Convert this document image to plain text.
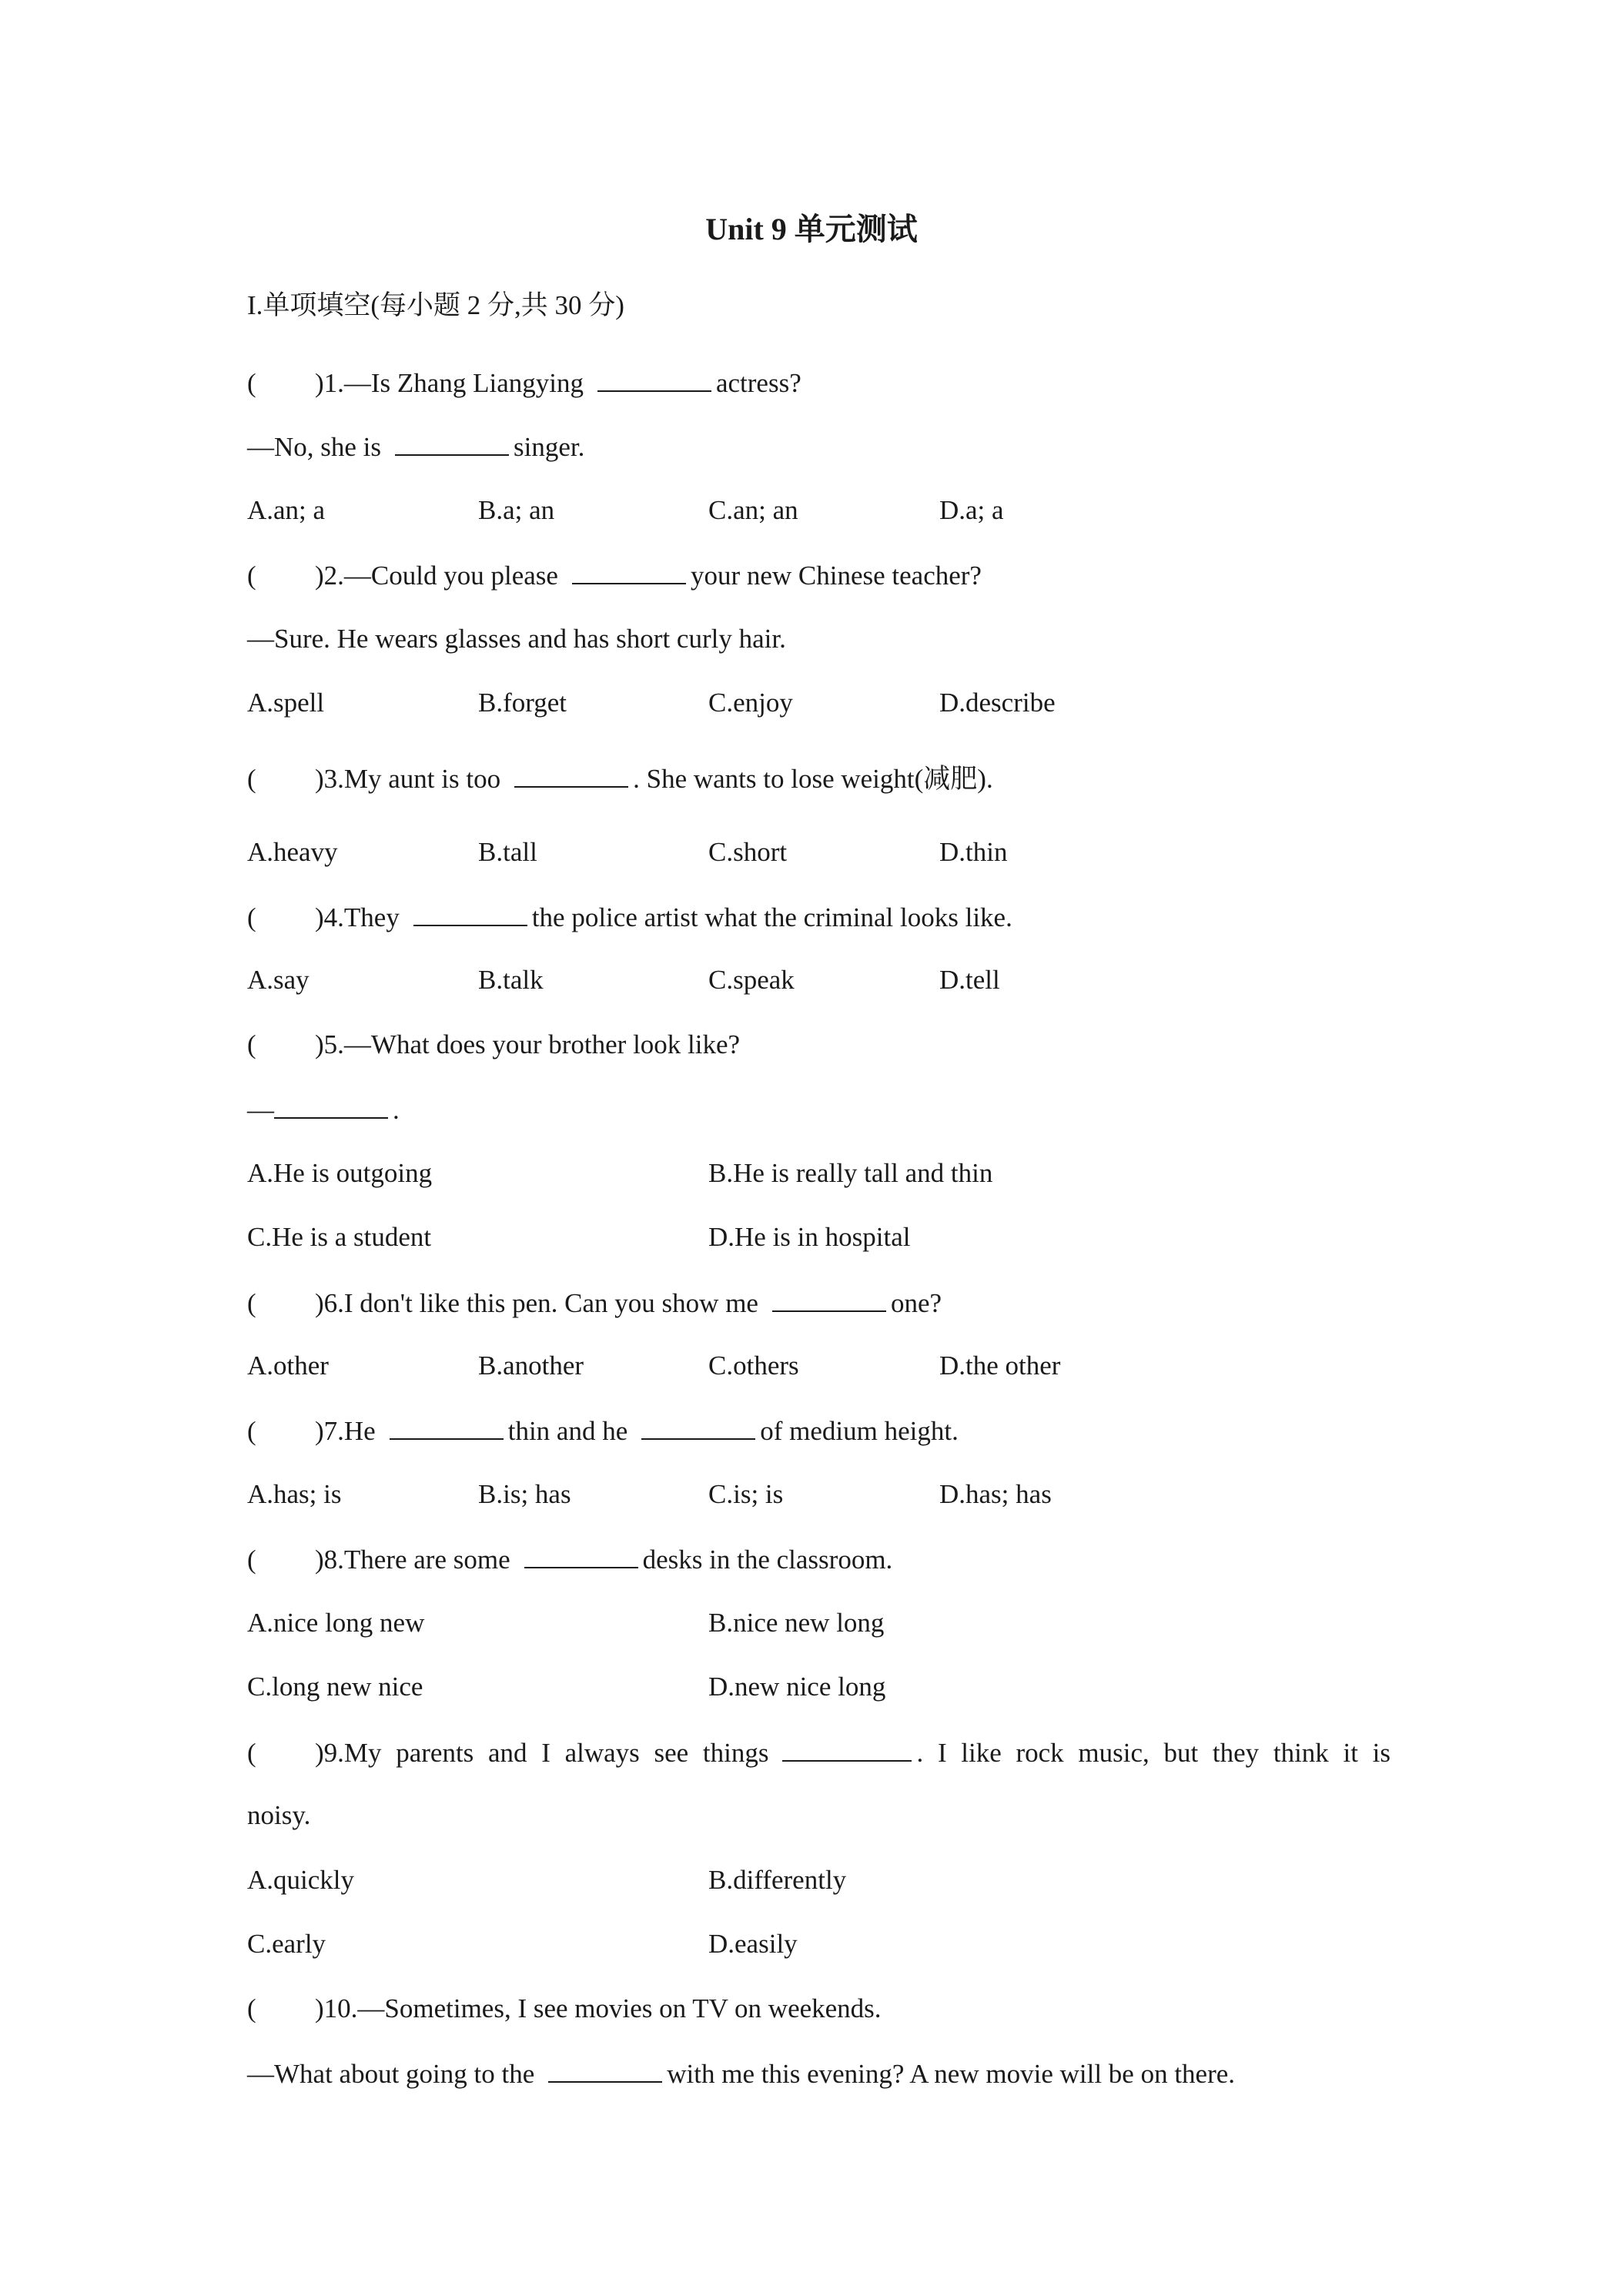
Unit 9 单元测试
I.单项填空(每小题 2 分,共 30 分)
( )1.—Is Zhang Liangying	actress?
—No, she is	singer.
A.an; a	B.a; an	C.an; an	D.a; a
( )2.—Could you please	your new Chinese teacher?
—Sure. He wears glasses and has short curly hair.
A.spell	B.forget	C.enjoy	D.describe
( )3.My aunt is too	. She wants to lose weight(减肥).
A.heavy	B.tall	C.short	D.thin
( )4.They	the police artist what the criminal looks like.
A.say	B.talk	C.speak	D.tell
( )5.—What does your brother look like?
—	.
A.He is outgoing	B.He is really tall and thin
C.He is a student	D.He is in hospital
( )6.I don't like this pen. Can you show me	one?
A.other	B.another	C.others	D.the other
( )7.He	thin and he	of medium height.
A.has; is	B.is; has	C.is; is	D.has; has
( )8.There are some	desks in the classroom.
A.nice long new	B.nice new long
C.long new nice	D.new nice long
( )9.My parents and I always see things	. I like rock music, but they think it is
noisy.
A.quickly	B.differently
C.early	D.easily
( )10.—Sometimes, I see movies on TV on weekends.
—What about going to the	with me this evening? A new movie will be on there.
